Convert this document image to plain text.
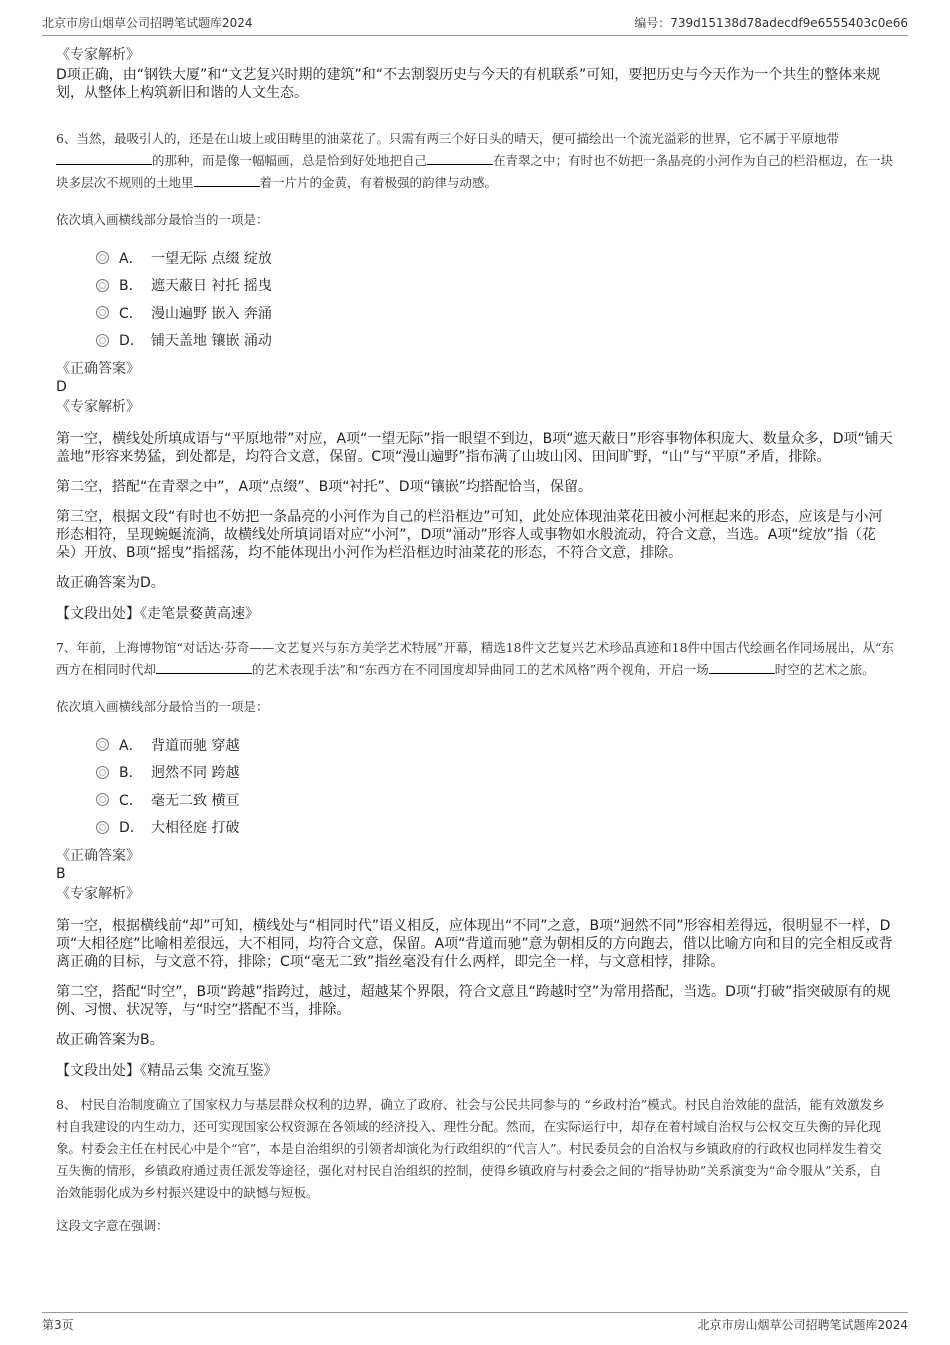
北京市房山烟草公司招聘笔试题库2024	编号：739d15138d78adecdf9e6555403c0e66
《专家解析》
D项正确，由“钢铁大厦”和“文艺复兴时期的建筑”和“不去割裂历史与今天的有机联系”可知，要把历史与今天作为一个共生的整体来规划，从整体上构筑新旧和谐的人文生态。
6、当然，最吸引人的，还是在山坡上或田畴里的油菜花了。只需有两三个好日头的晴天，便可描绘出一个流光溢彩的世界，它不属于平原地带的那种，而是像一幅幅画，总是恰到好处地把自己	在青翠之中；有时也不妨把一条晶亮的小河作为自己的栏沿框边，在一块块多层次不规则的土地里	着一片片的金黄，有着极强的韵律与动感。
依次填入画横线部分最恰当的一项是：
A． 一望无际 点缀 绽放
B． 遮天蔽日 衬托 摇曳
C． 漫山遍野 嵌入 奔涌
D． 铺天盖地 镶嵌 涌动
《正确答案》
D
《专家解析》
第一空，横线处所填成语与“平原地带”对应，A项“一望无际”指一眼望不到边，B项“遮天蔽日”形容事物体积庞大、数量众多，D项“铺天盖地”形容来势猛，到处都是，均符合文意，保留。C项“漫山遍野”指布满了山坡山冈、田间旷野，“山”与“平原”矛盾，排除。
第二空，搭配“在青翠之中”，A项“点缀”、B项“衬托”、D项“镶嵌”均搭配恰当，保留。
第三空，根据文段“有时也不妨把一条晶亮的小河作为自己的栏沿框边”可知，此处应体现油菜花田被小河框起来的形态，应该是与小河形态相符，呈现蜿蜒流淌，故横线处所填词语对应“小河”，D项“涌动”形容人或事物如水般流动，符合文意，当选。A项“绽放”指（花朵）开放、B项“摇曳”指摇荡，均不能体现出小河作为栏沿框边时油菜花的形态，不符合文意，排除。
故正确答案为D。
【文段出处】《走笔景婺黄高速》
7、年前，上海博物馆“对话达·芬奇——文艺复兴与东方美学艺术特展”开幕，精选18件文艺复兴艺术珍品真迹和18件中国古代绘画名作同场展出，从“东西方在相同时代却	的艺术表现手法”和“东西方在不同国度却异曲同工的艺术风格”两个视角，开启一场	时空的艺术之旅。
依次填入画横线部分最恰当的一项是：
A． 背道而驰 穿越
B． 迥然不同 跨越
C． 毫无二致 横亘
D． 大相径庭 打破
《正确答案》
B
《专家解析》
第一空，根据横线前“却”可知，横线处与“相同时代”语义相反，应体现出“不同”之意，B项“迥然不同”形容相差得远，很明显不一样，D项“大相径庭”比喻相差很远，大不相同，均符合文意，保留。A项“背道而驰”意为朝相反的方向跑去，借以比喻方向和目的完全相反或背离正确的目标，与文意不符，排除；C项“毫无二致”指丝毫没有什么两样，即完全一样，与文意相悖，排除。
第二空，搭配“时空”，B项“跨越”指跨过，越过，超越某个界限，符合文意且“跨越时空”为常用搭配，当选。D项“打破”指突破原有的规例、习惯、状况等，与“时空”搭配不当，排除。
故正确答案为B。
【文段出处】《精品云集 交流互鉴》
8、 村民自治制度确立了国家权力与基层群众权利的边界，确立了政府、社会与公民共同参与的 “乡政村治”模式。村民自治效能的盘活，能有效激发乡村自我建设的内生动力，还可实现国家公权资源在各领域的经济投入、理性分配。然而，在实际运行中，却存在着村域自治权与公权交互失衡的异化现象。村委会主任在村民心中是个“官”，本是自治组织的引领者却演化为行政组织的“代言人”。村民委员会的自治权与乡镇政府的行政权也同样发生着交互失衡的情形，乡镇政府通过责任派发等途径，强化对村民自治组织的控制，使得乡镇政府与村委会之间的“指导协助”关系演变为“命令服从”关系，自治效能弱化成为乡村振兴建设中的缺憾与短板。
这段文字意在强调：
第3页	北京市房山烟草公司招聘笔试题库2024
